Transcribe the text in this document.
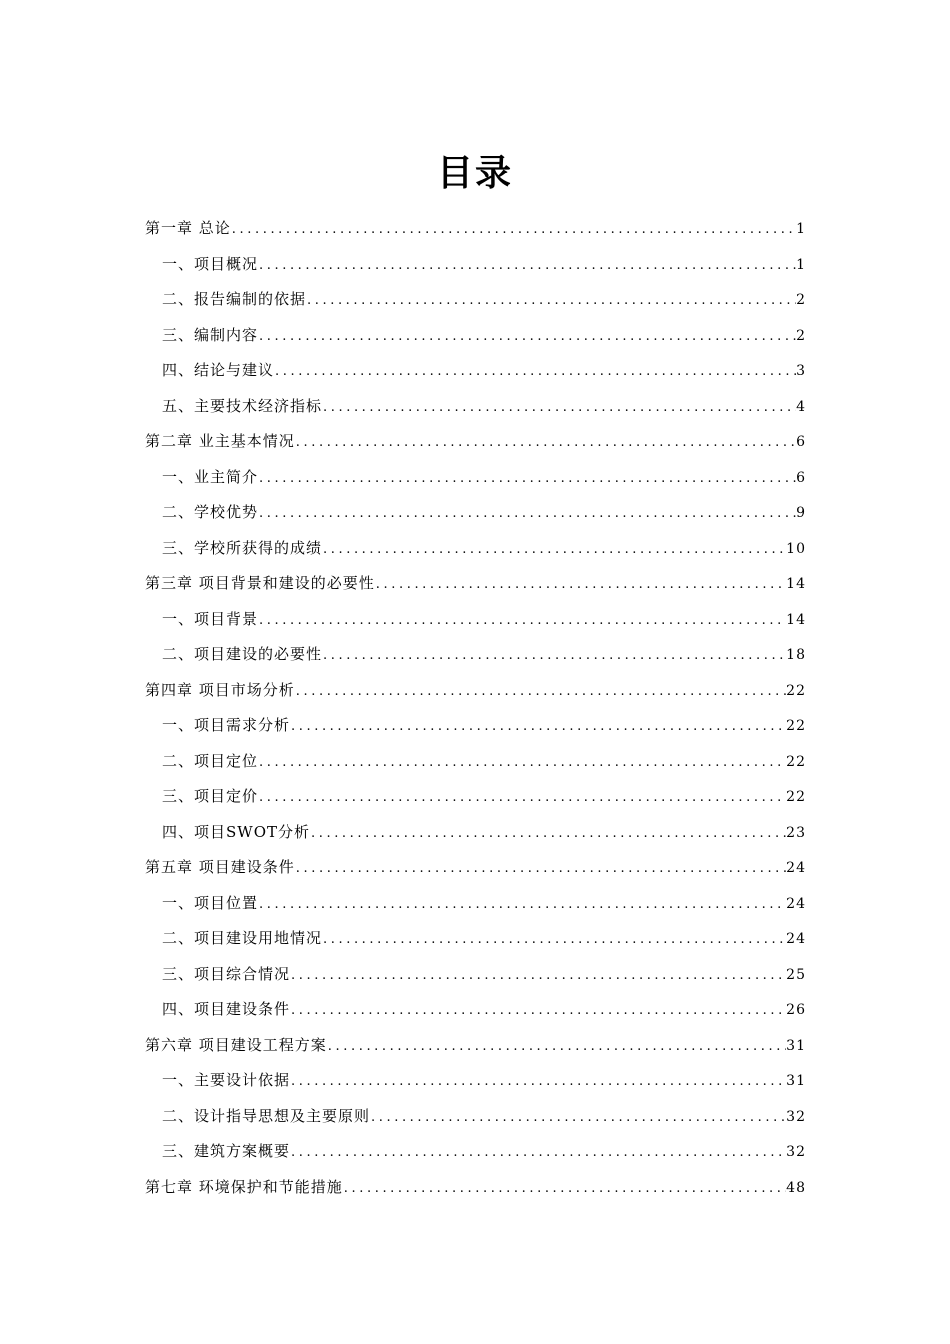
目录
第一章 总论 .....	1
一、项目概况 .....	1
二、报告编制的依据 .....	2
三、编制内容 .....	2
四、结论与建议 .....	3
五、主要技术经济指标 .....	4
第二章 业主基本情况 .....	6
一、业主简介 .....	6
二、学校优势 .....	9
三、学校所获得的成绩 .....	10
第三章 项目背景和建设的必要性 .....	14
一、项目背景 .....	14
二、项目建设的必要性 .....	18
第四章 项目市场分析 .....	22
一、项目需求分析 .....	22
二、项目定位 .....	22
三、项目定价 .....	22
四、项目SWOT分析 .....	23
第五章 项目建设条件 .....	24
一、项目位置 .....	24
二、项目建设用地情况 .....	24
三、项目综合情况 .....	25
四、项目建设条件 .....	26
第六章 项目建设工程方案 .....	31
一、主要设计依据 .....	31
二、设计指导思想及主要原则 .....	32
三、建筑方案概要 .....	32
第七章 环境保护和节能措施 .....	48
